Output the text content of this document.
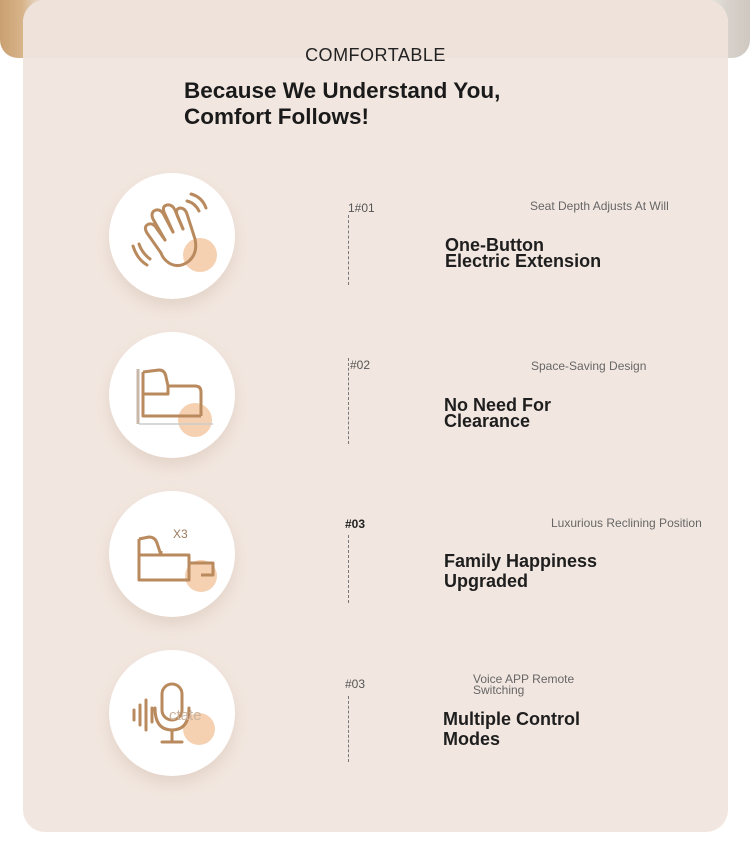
COMFORTABLE
Because We Understand You,
Comfort Follows!
1#01	Seat Depth Adjusts At Will
One-Button
Electric Extension
#02	Space-Saving Design
No Need For
Clearance
X3
#03	Luxurious Reclining Position
Family Happiness
Upgraded
ctate
#03	Voice APP Remote
Switching
Multiple Control
Modes
